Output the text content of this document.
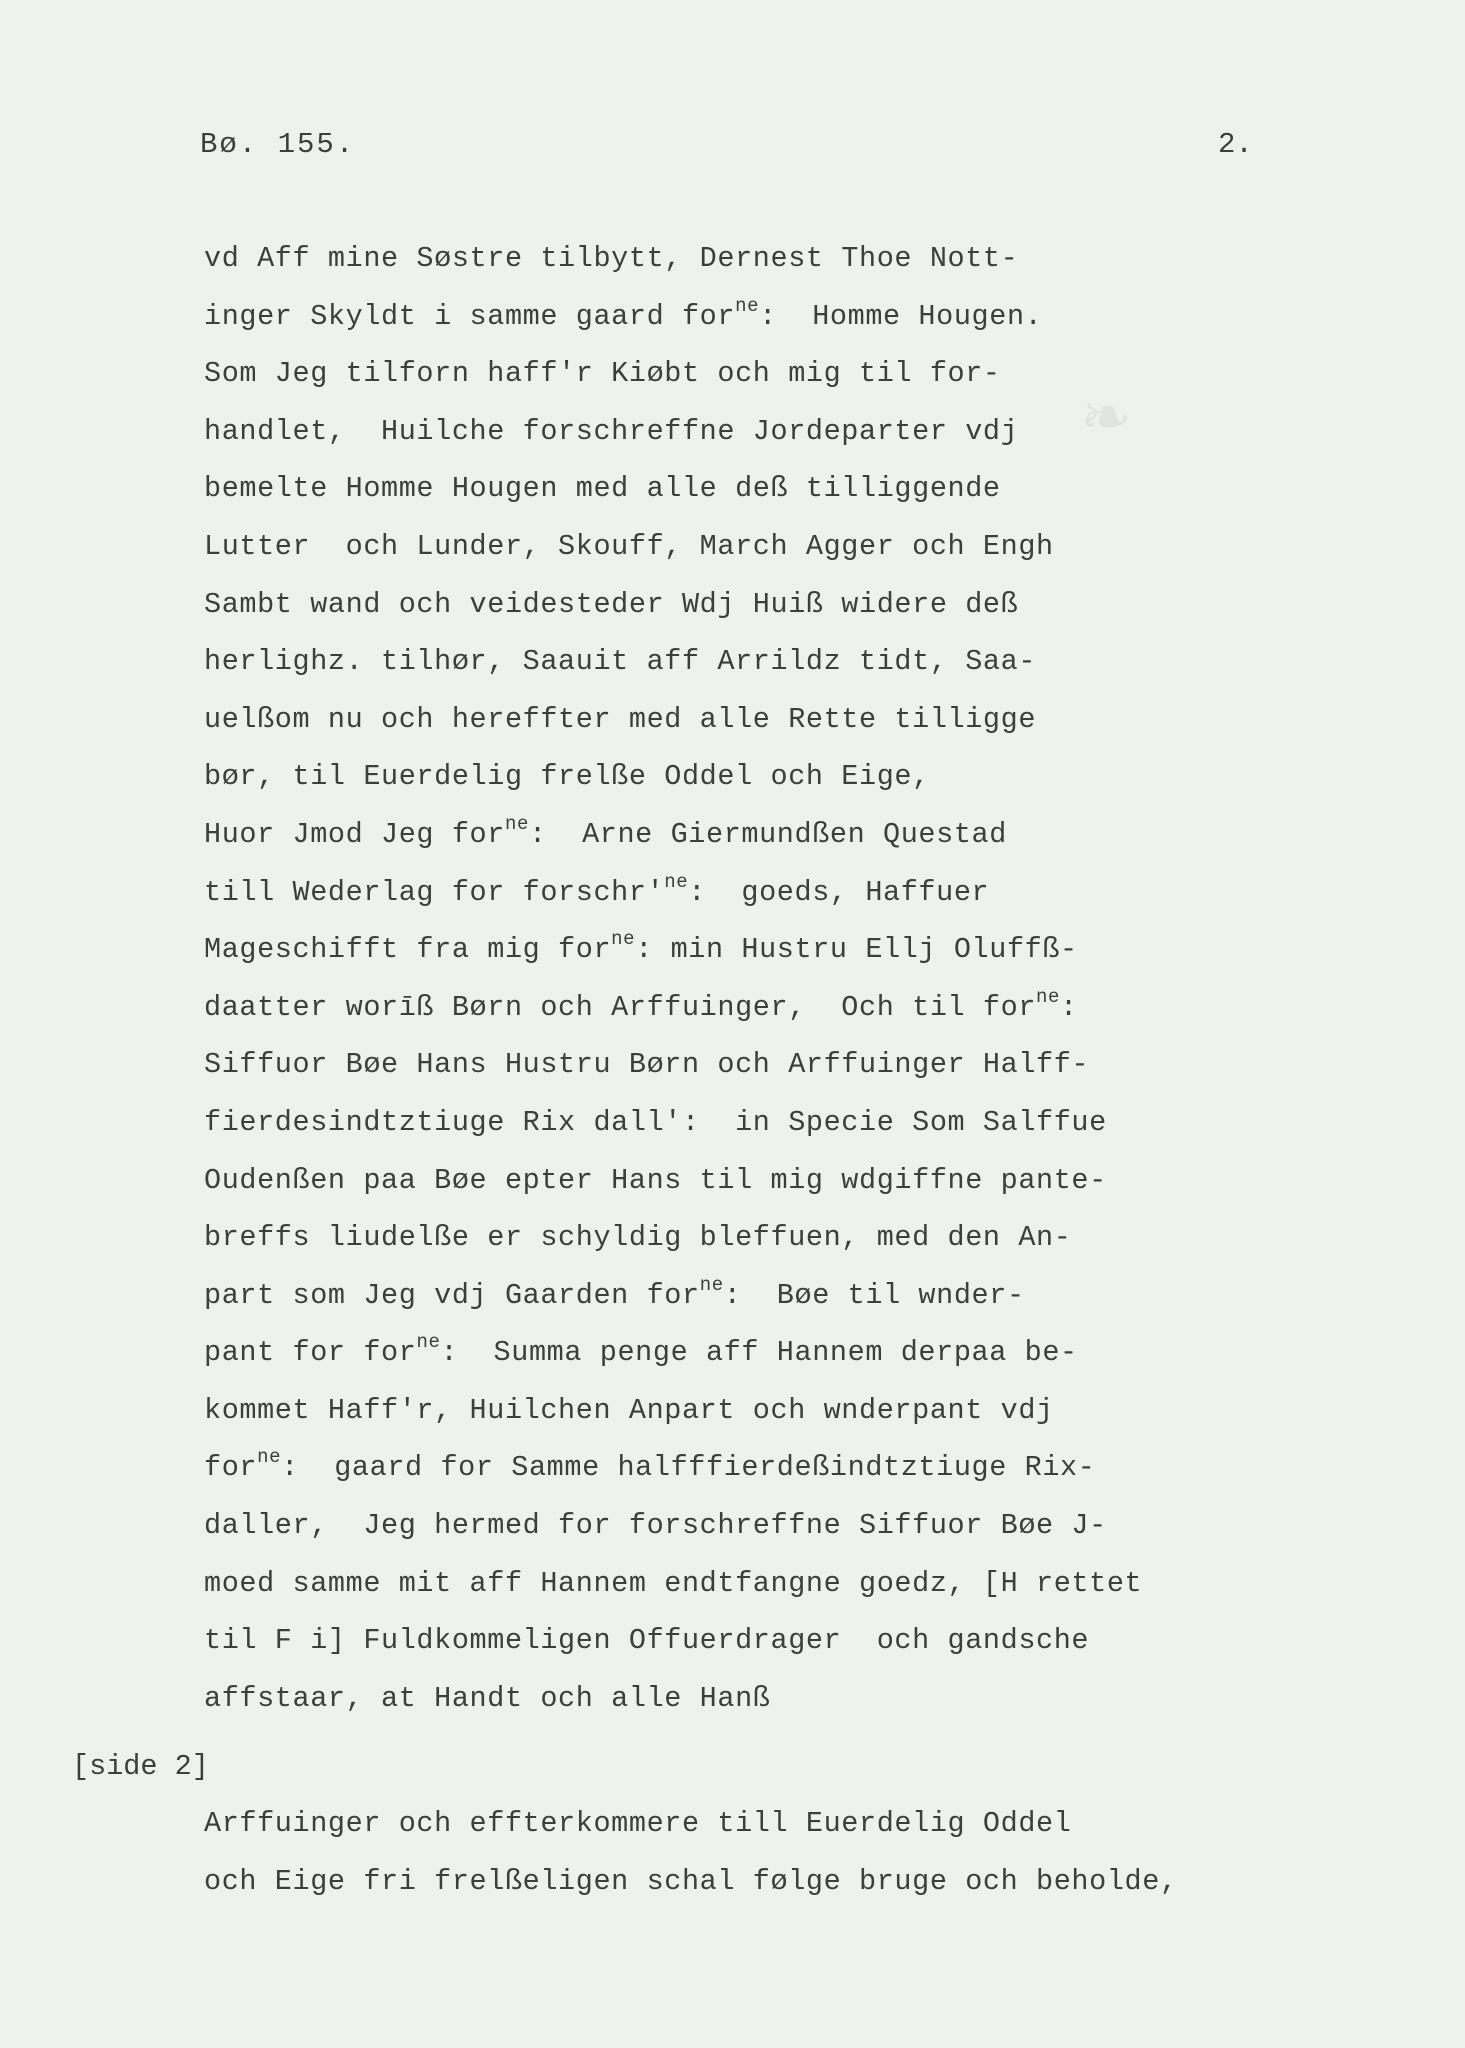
❧
Bø. 155.	2.
vd Aff mine Søstre tilbytt, Dernest Thoe Nott-
inger Skyldt i samme gaard for$^{ne}$:  Homme Hougen.
Som Jeg tilforn haff'r Kiøbt och mig til for-
handlet,  Huilche forschreffne Jordeparter vdj
bemelte Homme Hougen med alle deß tilliggende
Lutter  och Lunder, Skouff, March Agger och Engh
Sambt wand och veidesteder Wdj Huiß widere deß
herlighz. tilhør, Saauit aff Arrildz tidt, Saa-
uelßom nu och hereffter med alle Rette tilligge
bør, til Euerdelig frelße Oddel och Eige,
Huor Jmod Jeg for$^{ne}$:  Arne Giermundßen Questad
till Wederlag for $forschr'^{ne}$:  goeds, Haffuer
Mageschifft fra mig for$^{ne}$: min Hustru Ellj Oluffß-
daatter worīß Børn och Arffuinger,  Och til for$^{ne}$:
Siffuor Bøe Hans Hustru Børn och Arffuinger Halff-
fierdesindtztiuge Rix dall':  in Specie Som Salffue
Oudenßen paa Bøe epter Hans til mig wdgiffne pante-
breffs liudelße er schyldig bleffuen, med den An-
part som Jeg vdj Gaarden for$^{ne}$:  Bøe til wnder-
pant for for$^{ne}$:  Summa penge aff Hannem derpaa be-
kommet Haff'r, Huilchen Anpart och wnderpant vdj
for$^{ne}$:  gaard for Samme halfffierdeßindtztiuge Rix-
daller,  Jeg hermed for forschreffne Siffuor Bøe J-
moed samme mit aff Hannem endtfangne goedz, [H rettet
til F i] Fuldkommeligen Offuerdrager  och gandsche
affstaar, at Handt och alle Hanß
[side 2]
Arffuinger och effterkommere till Euerdelig Oddel
och Eige fri frelßeligen schal følge bruge och beholde,
